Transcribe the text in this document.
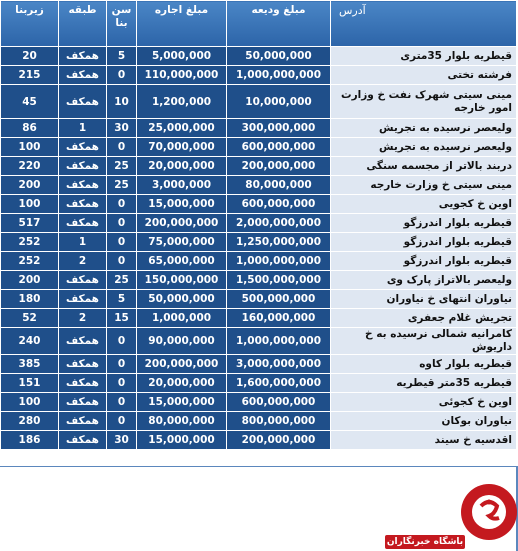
زیربنا	طبقه	سن بنا	مبلغ اجاره	مبلغ ودیعه	آدرس
20	همکف	5	5,000,000	50,000,000	قیطریه بلوار 35متری
215	همکف	0	110,000,000	1,000,000,000	فرشته تختی
45	همکف	10	1,200,000	10,000,000	مینی سیتی شهرک نفت خ وزارت امور خارجه
86	1	30	25,000,000	300,000,000	ولیعصر نرسیده به تجریش
100	همکف	0	70,000,000	600,000,000	ولیعصر نرسیده به تجریش
220	همکف	25	20,000,000	200,000,000	دربند بالاتر از مجسمه سنگی
200	همکف	25	3,000,000	80,000,000	مینی سیتی خ وزارت خارجه
100	همکف	0	15,000,000	600,000,000	اوین خ کجویی
517	همکف	0	200,000,000	2,000,000,000	قیطریه بلوار اندرزگو
252	1	0	75,000,000	1,250,000,000	قیطریه بلوار اندرزگو
252	2	0	65,000,000	1,000,000,000	قیطریه بلوار اندرزگو
200	همکف	25	150,000,000	1,500,000,000	ولیعصر بالاتراز پارک وی
180	همکف	5	50,000,000	500,000,000	نیاوران انتهای خ نیاوران
52	2	15	1,000,000	160,000,000	تجریش غلام جعفری
240	همکف	0	90,000,000	1,000,000,000	کامرانیه شمالی نرسیده به خ داریوش
385	همکف	0	200,000,000	3,000,000,000	قیطریه بلوار کاوه
151	همکف	0	20,000,000	1,600,000,000	قیطریه 35متر قیطریه
100	همکف	0	15,000,000	600,000,000	اوین خ کجوئی
280	همکف	0	80,000,000	800,000,000	نیاوران بوکان
186	همکف	30	15,000,000	200,000,000	اقدسیه خ سیند
باشگاه خبرنگاران
